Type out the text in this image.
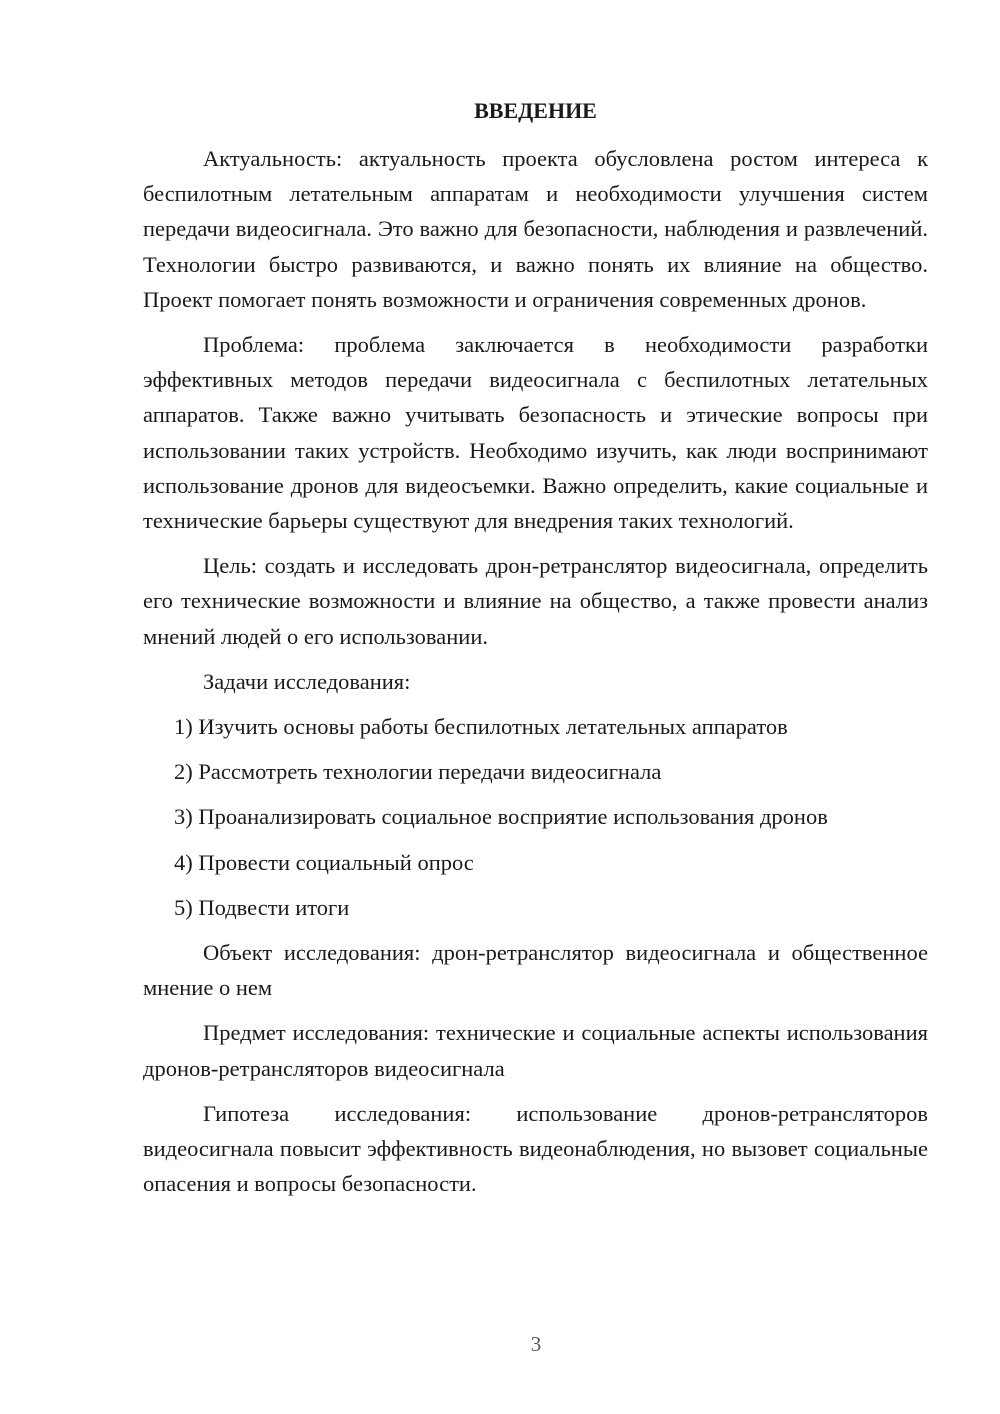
ВВЕДЕНИЕ

Актуальность: актуальность проекта обусловлена ростом интереса к беспилотным летательным аппаратам и необходимости улучшения систем передачи видеосигнала. Это важно для безопасности, наблюдения и развлечений. Технологии быстро развиваются, и важно понять их влияние на общество. Проект помогает понять возможности и ограничения современных дронов.

Проблема: проблема заключается в необходимости разработки эффективных методов передачи видеосигнала с беспилотных летательных аппаратов. Также важно учитывать безопасность и этические вопросы при использовании таких устройств. Необходимо изучить, как люди воспринимают использование дронов для видеосъемки. Важно определить, какие социальные и технические барьеры существуют для внедрения таких технологий.

Цель: создать и исследовать дрон-ретранслятор видеосигнала, определить его технические возможности и влияние на общество, а также провести анализ мнений людей о его использовании.

Задачи исследования:

1) Изучить основы работы беспилотных летательных аппаратов

2) Рассмотреть технологии передачи видеосигнала

3) Проанализировать социальное восприятие использования дронов

4) Провести социальный опрос

5) Подвести итоги

Объект исследования: дрон-ретранслятор видеосигнала и общественное мнение о нем

Предмет исследования: технические и социальные аспекты использования дронов-ретрансляторов видеосигнала

Гипотеза исследования: использование дронов-ретрансляторов видеосигнала повысит эффективность видеонаблюдения, но вызовет социальные опасения и вопросы безопасности.

3
